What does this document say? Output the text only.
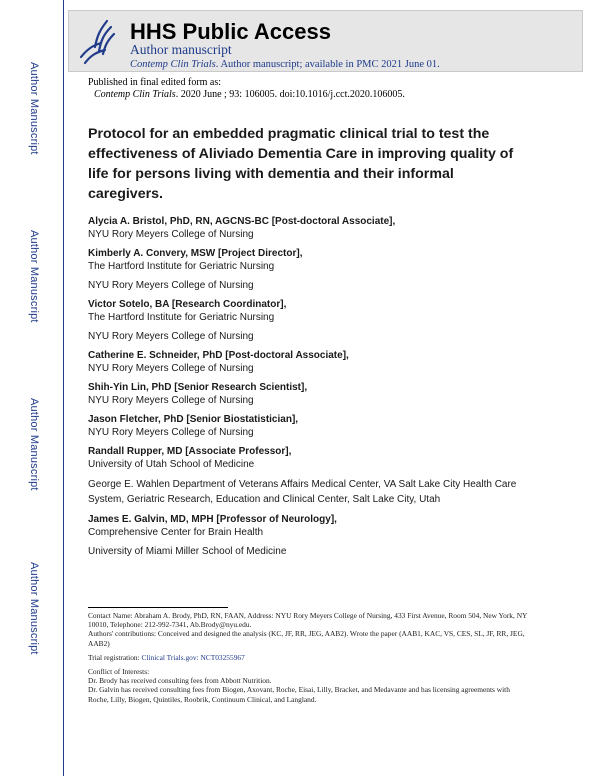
Author Manuscript
Author Manuscript
Author Manuscript
Author Manuscript
HHS Public Access
Author manuscript
Contemp Clin Trials. Author manuscript; available in PMC 2021 June 01.
Published in final edited form as:
Contemp Clin Trials. 2020 June ; 93: 106005. doi:10.1016/j.cct.2020.106005.
Protocol for an embedded pragmatic clinical trial to test the effectiveness of Aliviado Dementia Care in improving quality of life for persons living with dementia and their informal caregivers.
Alycia A. Bristol, PhD, RN, AGCNS-BC [Post-doctoral Associate],
NYU Rory Meyers College of Nursing
Kimberly A. Convery, MSW [Project Director],
The Hartford Institute for Geriatric Nursing
NYU Rory Meyers College of Nursing
Victor Sotelo, BA [Research Coordinator],
The Hartford Institute for Geriatric Nursing
NYU Rory Meyers College of Nursing
Catherine E. Schneider, PhD [Post-doctoral Associate],
NYU Rory Meyers College of Nursing
Shih-Yin Lin, PhD [Senior Research Scientist],
NYU Rory Meyers College of Nursing
Jason Fletcher, PhD [Senior Biostatistician],
NYU Rory Meyers College of Nursing
Randall Rupper, MD [Associate Professor],
University of Utah School of Medicine
George E. Wahlen Department of Veterans Affairs Medical Center, VA Salt Lake City Health Care System, Geriatric Research, Education and Clinical Center, Salt Lake City, Utah
James E. Galvin, MD, MPH [Professor of Neurology],
Comprehensive Center for Brain Health
University of Miami Miller School of Medicine

Contact Name: Abraham A. Brody, PhD, RN, FAAN, Address: NYU Rory Meyers College of Nursing, 433 First Avenue, Room 504, New York, NY 10010, Telephone: 212-992-7341, Ab.Brody@nyu.edu.

Authors' contributions: Conceived and designed the analysis (KC, JF, RR, JEG, AAB2). Wrote the paper (AAB1, KAC, VS, CES, SL, JF, RR, JEG, AAB2)

Trial registration: Clinical Trials.gov: NCT03255967

Conflict of Interests:

Dr. Brody has received consulting fees from Abbott Nutrition.

Dr. Galvin has received consulting fees from Biogen, Axovant, Roche, Eisai, Lilly, Bracket, and Medavante and has licensing agreements with Roche, Lilly, Biogen, Quintiles, Roobrik, Continuum Clinical, and Langland.
